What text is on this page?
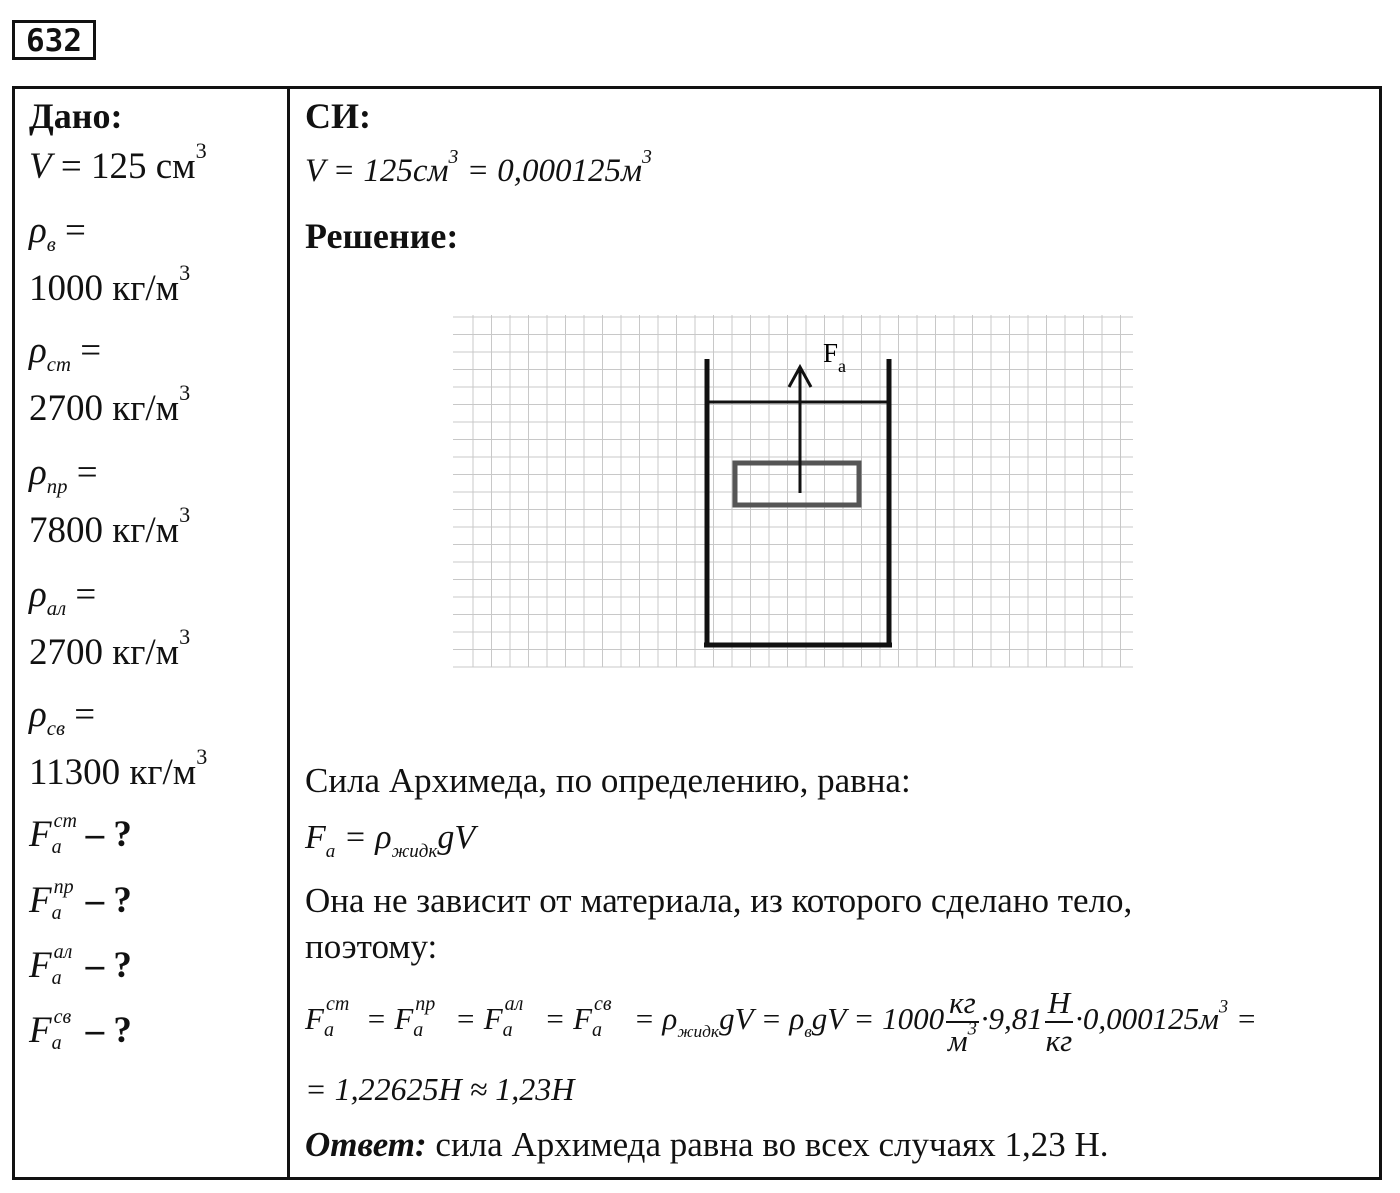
632
Дано:
V = 125 $см^3$
$\rho_в$ =
1000 $кг/м^3$
$\rho_{ст}$ =
2700 $кг/м^3$
$\rho_{пр}$ =
7800 $кг/м^3$
$\rho_{ал}$ =
2700 $кг/м^3$
$\rho_{св}$ =
11300 $кг/м^3$
F ст
а – ?
F пр
а – ?
F ал
а – ?
F св
а – ?
СИ:
$V = 125см^3 = 0,000125м^3$
Решение:
$F_а$
Сила Архимеда, по определению, равна:
$F_а = \rho_{жидк}gV$
Она не зависит от материала, из которого сделано тело,
поэтому:
F ст
а = F пр
а = F ал
а = F св
$а = \rho_{жидк}gV = \rho_вgV = 1000 \frac{кг}{м^3} \cdot 9,81 \frac{Н}{кг} \cdot 0,000125м^3$ =
= 1,22625Н ≈ 1,23Н
Ответ: сила Архимеда равна во всех случаях 1,23 Н.
